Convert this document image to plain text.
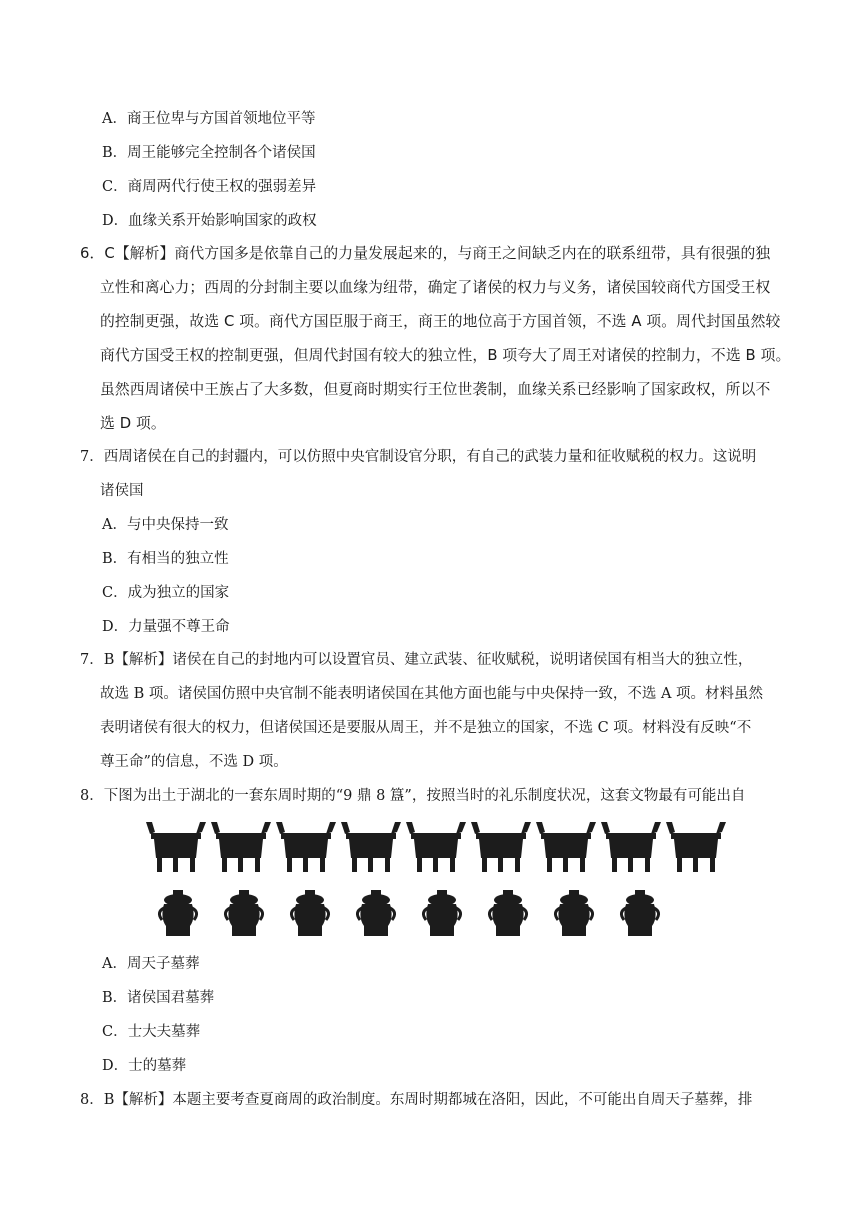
A．商王位卑与方国首领地位平等
B．周王能够完全控制各个诸侯国
C．商周两代行使王权的强弱差异
D．血缘关系开始影响国家的政权
6．C【解析】商代方国多是依靠自己的力量发展起来的，与商王之间缺乏内在的联系纽带，具有很强的独
立性和离心力；西周的分封制主要以血缘为纽带，确定了诸侯的权力与义务，诸侯国较商代方国受王权
的控制更强，故选 C 项。商代方国臣服于商王，商王的地位高于方国首领，不选 A 项。周代封国虽然较
商代方国受王权的控制更强，但周代封国有较大的独立性，B 项夸大了周王对诸侯的控制力，不选 B 项。
虽然西周诸侯中王族占了大多数，但夏商时期实行王位世袭制，血缘关系已经影响了国家政权，所以不
选 D 项。
7．西周诸侯在自己的封疆内，可以仿照中央官制设官分职，有自己的武装力量和征收赋税的权力。这说明
诸侯国
A．与中央保持一致
B．有相当的独立性
C．成为独立的国家
D．力量强不尊王命
7．B【解析】诸侯在自己的封地内可以设置官员、建立武装、征收赋税，说明诸侯国有相当大的独立性，
故选 B 项。诸侯国仿照中央官制不能表明诸侯国在其他方面也能与中央保持一致，不选 A 项。材料虽然
表明诸侯有很大的权力，但诸侯国还是要服从周王，并不是独立的国家，不选 C 项。材料没有反映“不
尊王命”的信息，不选 D 项。
8．下图为出土于湖北的一套东周时期的“9 鼎 8 簋”，按照当时的礼乐制度状况，这套文物最有可能出自
A．周天子墓葬
B．诸侯国君墓葬
C．士大夫墓葬
D．士的墓葬
8．B【解析】本题主要考查夏商周的政治制度。东周时期都城在洛阳，因此，不可能出自周天子墓葬，排
